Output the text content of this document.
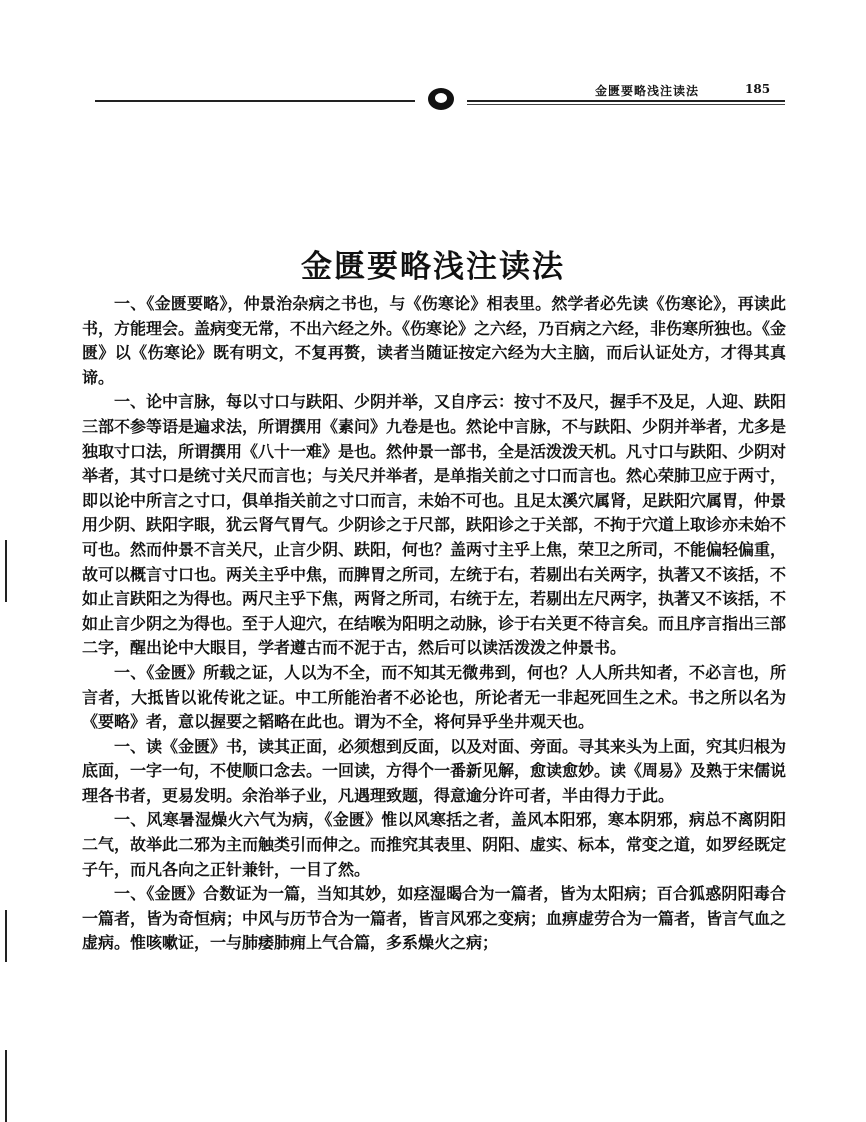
金匮要略浅注读法	185
金匮要略浅注读法

一、《金匮要略》，仲景治杂病之书也，与《伤寒论》相表里。然学者必先读《伤寒论》，再读此书，方能理会。盖病变无常，不出六经之外。《伤寒论》之六经，乃百病之六经，非伤寒所独也。《金匮》以《伤寒论》既有明文，不复再赘，读者当随证按定六经为大主脑，而后认证处方，才得其真谛。

一、论中言脉，每以寸口与趺阳、少阴并举，又自序云：按寸不及尺，握手不及足，人迎、趺阳三部不参等语是遍求法，所谓撰用《素问》九卷是也。然论中言脉，不与趺阳、少阴并举者，尤多是独取寸口法，所谓撰用《八十一难》是也。然仲景一部书，全是活泼泼天机。凡寸口与趺阳、少阴对举者，其寸口是统寸关尺而言也；与关尺并举者，是单指关前之寸口而言也。然心荣肺卫应于两寸，即以论中所言之寸口，俱单指关前之寸口而言，未始不可也。且足太溪穴属肾，足趺阳穴属胃，仲景用少阴、趺阳字眼，犹云肾气胃气。少阴诊之于尺部，趺阳诊之于关部，不拘于穴道上取诊亦未始不可也。然而仲景不言关尺，止言少阴、趺阳，何也？盖两寸主乎上焦，荣卫之所司，不能偏轻偏重，故可以概言寸口也。两关主乎中焦，而脾胃之所司，左统于右，若剔出右关两字，执著又不该括，不如止言趺阳之为得也。两尺主乎下焦，两肾之所司，右统于左，若剔出左尺两字，执著又不该括，不如止言少阴之为得也。至于人迎穴，在结喉为阳明之动脉，诊于右关更不待言矣。而且序言指出三部二字，醒出论中大眼目，学者遵古而不泥于古，然后可以读活泼泼之仲景书。

一、《金匮》所载之证，人以为不全，而不知其无微弗到，何也？人人所共知者，不必言也，所言者，大抵皆以讹传讹之证。中工所能治者不必论也，所论者无一非起死回生之术。书之所以名为《要略》者，意以握要之韬略在此也。谓为不全，将何异乎坐井观天也。

一、读《金匮》书，读其正面，必须想到反面，以及对面、旁面。寻其来头为上面，究其归根为底面，一字一句，不使顺口念去。一回读，方得个一番新见解，愈读愈妙。读《周易》及熟于宋儒说理各书者，更易发明。余治举子业，凡遇理致题，得意逾分许可者，半由得力于此。

一、风寒暑湿燥火六气为病，《金匮》惟以风寒括之者，盖风本阳邪，寒本阴邪，病总不离阴阳二气，故举此二邪为主而触类引而伸之。而推究其表里、阴阳、虚实、标本，常变之道，如罗经既定子午，而凡各向之正针兼针，一目了然。

一、《金匮》合数证为一篇，当知其妙，如痉湿暍合为一篇者，皆为太阳病；百合狐惑阴阳毒合一篇者，皆为奇恒病；中风与历节合为一篇者，皆言风邪之变病；血痹虚劳合为一篇者，皆言气血之虚病。惟咳嗽证，一与肺痿肺痈上气合篇，多系燥火之病；
